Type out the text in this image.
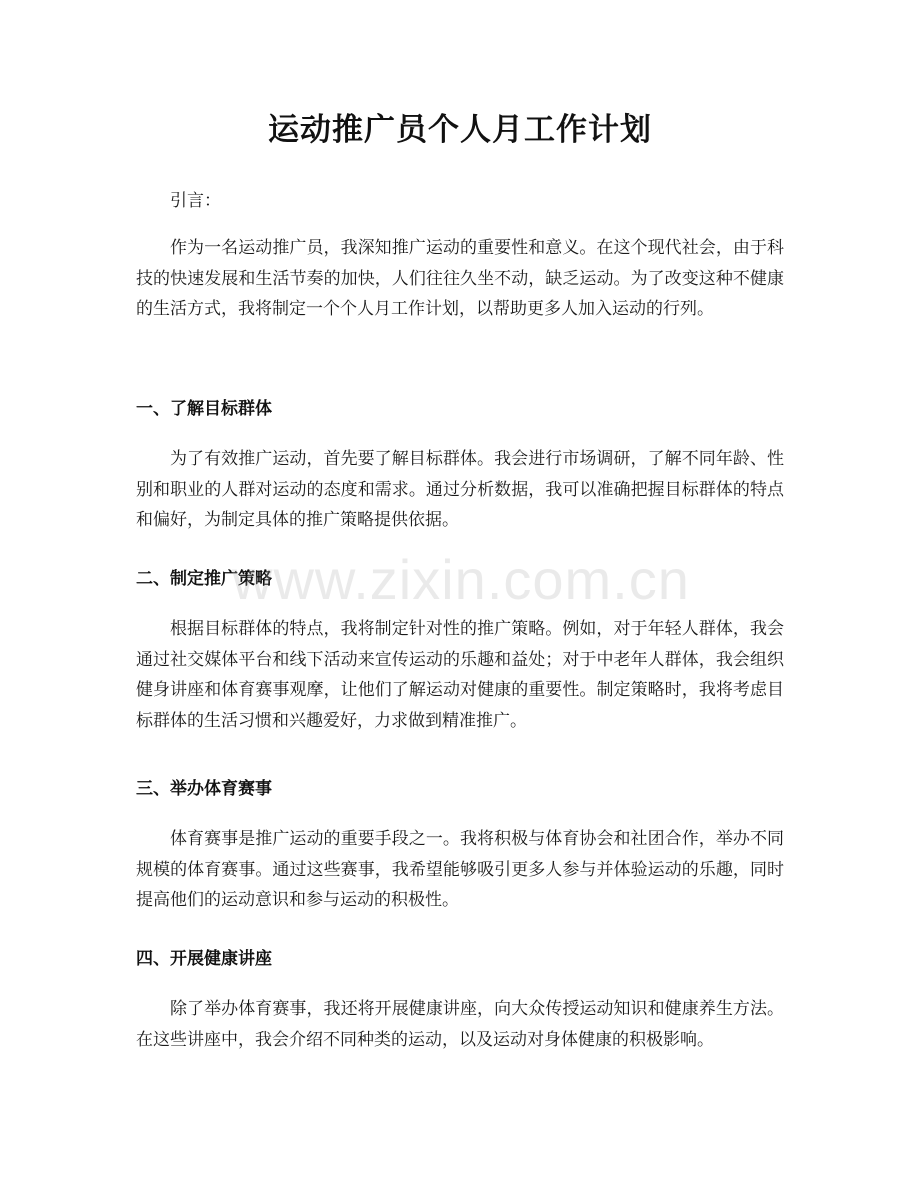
运动推广员个人月工作计划
引言：

作为一名运动推广员，我深知推广运动的重要性和意义。在这个现代社会，由于科技的快速发展和生活节奏的加快，人们往往久坐不动，缺乏运动。为了改变这种不健康的生活方式，我将制定一个个人月工作计划，以帮助更多人加入运动的行列。

一、了解目标群体

为了有效推广运动，首先要了解目标群体。我会进行市场调研，了解不同年龄、性别和职业的人群对运动的态度和需求。通过分析数据，我可以准确把握目标群体的特点和偏好，为制定具体的推广策略提供依据。

二、制定推广策略

根据目标群体的特点，我将制定针对性的推广策略。例如，对于年轻人群体，我会通过社交媒体平台和线下活动来宣传运动的乐趣和益处；对于中老年人群体，我会组织健身讲座和体育赛事观摩，让他们了解运动对健康的重要性。制定策略时，我将考虑目标群体的生活习惯和兴趣爱好，力求做到精准推广。

三、举办体育赛事

体育赛事是推广运动的重要手段之一。我将积极与体育协会和社团合作，举办不同规模的体育赛事。通过这些赛事，我希望能够吸引更多人参与并体验运动的乐趣，同时提高他们的运动意识和参与运动的积极性。

四、开展健康讲座

除了举办体育赛事，我还将开展健康讲座，向大众传授运动知识和健康养生方法。在这些讲座中，我会介绍不同种类的运动，以及运动对身体健康的积极影响。

www.zixin.com.cn
